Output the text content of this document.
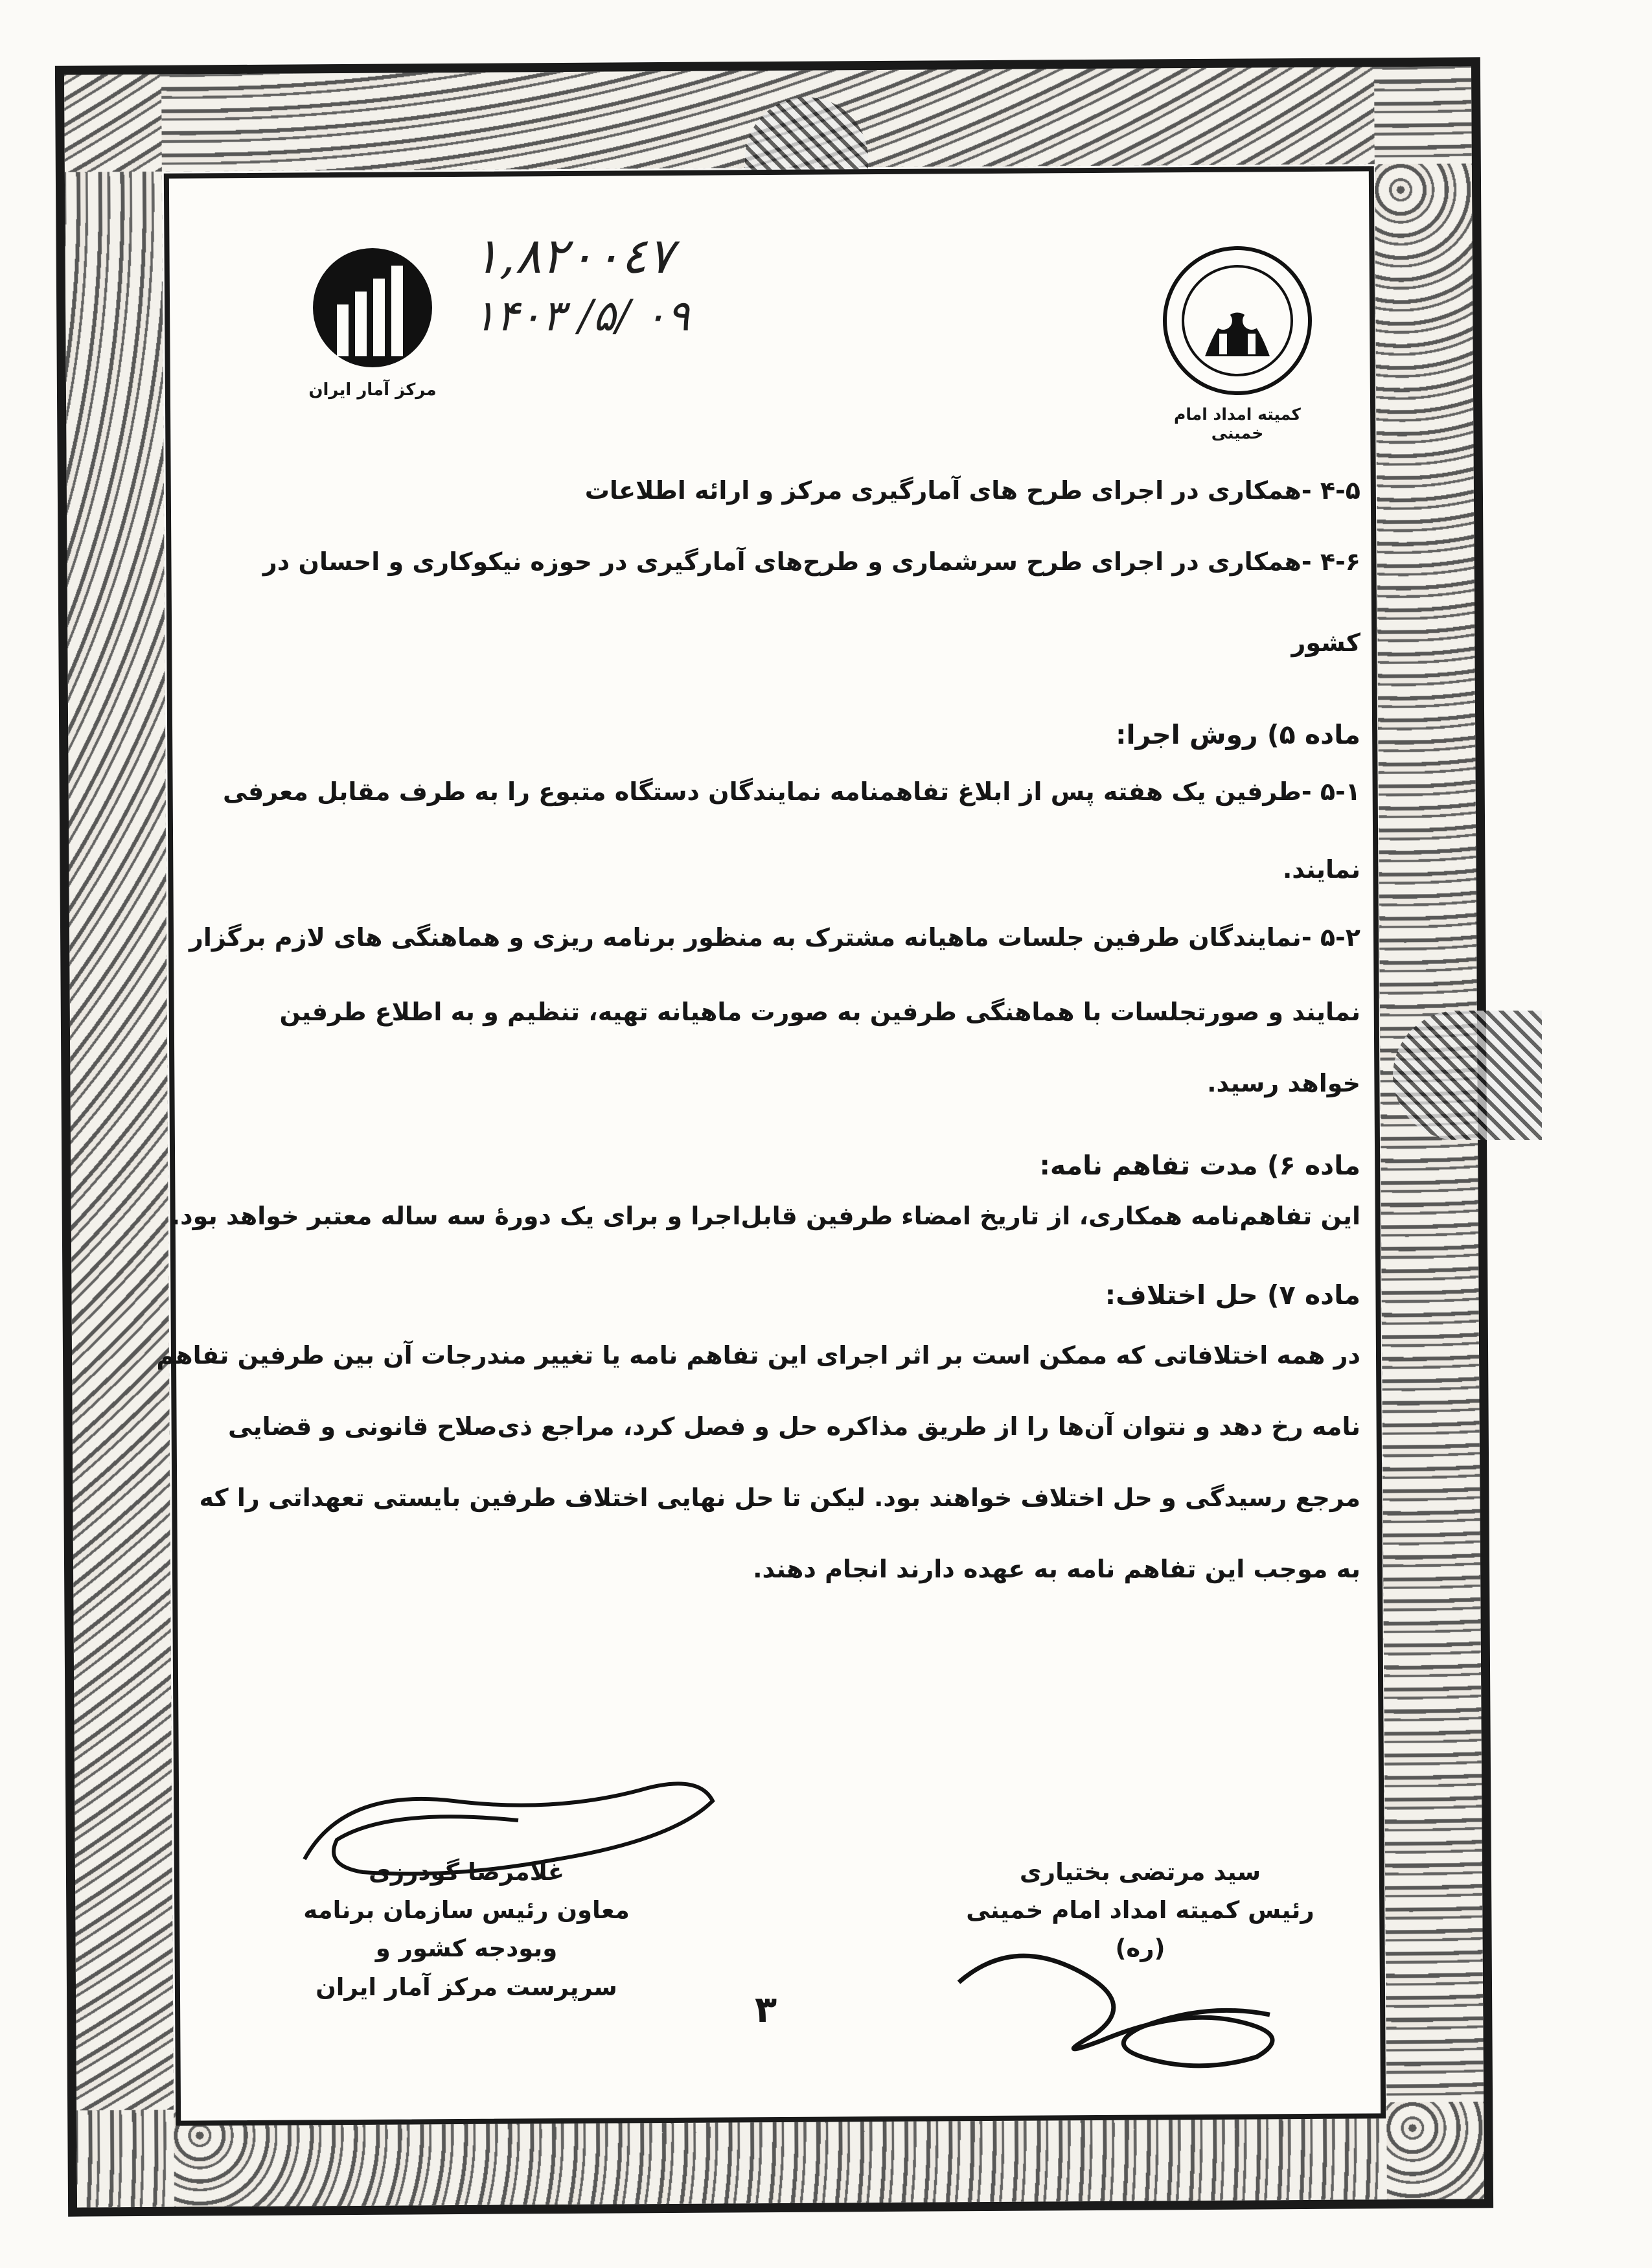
مرکز آمار ایران
۱,۸۲۰۰٤۷
۱۴۰۳ /۵/ ۰۹
کمیته امداد امام خمینی
۴-۵ -همکاری در اجرای طرح های آمارگیری مرکز و ارائه اطلاعات
۴-۶ -همکاری در اجرای طرح سرشماری و طرح‌های آمارگیری در حوزه نیکوکاری و احسان در
کشور
ماده ۵) روش اجرا:
۵-۱ -طرفین یک هفته پس از ابلاغ تفاهمنامه نمایندگان دستگاه متبوع را به طرف مقابل معرفی
نمایند.
۵-۲ -نمایندگان طرفین جلسات ماهیانه مشترک به منظور برنامه ریزی و هماهنگی های لازم برگزار
نمایند و صورتجلسات با هماهنگی طرفین به صورت ماهیانه تهیه، تنظیم و به اطلاع طرفین
خواهد رسید.
ماده ۶) مدت تفاهم نامه:
این تفاهم‌نامه همکاری، از تاریخ امضاء طرفین قابل‌اجرا و برای یک دورهٔ سه ساله معتبر خواهد بود.
ماده ۷) حل اختلاف:
در همه اختلافاتی که ممکن است بر اثر اجرای این تفاهم نامه یا تغییر مندرجات آن بین طرفین تفاهم
نامه رخ دهد و نتوان آن‌ها را از طریق مذاکره حل و فصل کرد، مراجع ذی‌صلاح قانونی و قضایی
مرجع رسیدگی و حل اختلاف خواهند بود. لیکن تا حل نهایی اختلاف طرفین بایستی تعهداتی را که
به موجب این تفاهم نامه به عهده دارند انجام دهند.
غلامرضا گودرزی
معاون رئیس سازمان برنامه وبودجه کشور و
سرپرست مرکز آمار ایران
سید مرتضی بختیاری
رئیس کمیته امداد امام خمینی (ره)
۳
